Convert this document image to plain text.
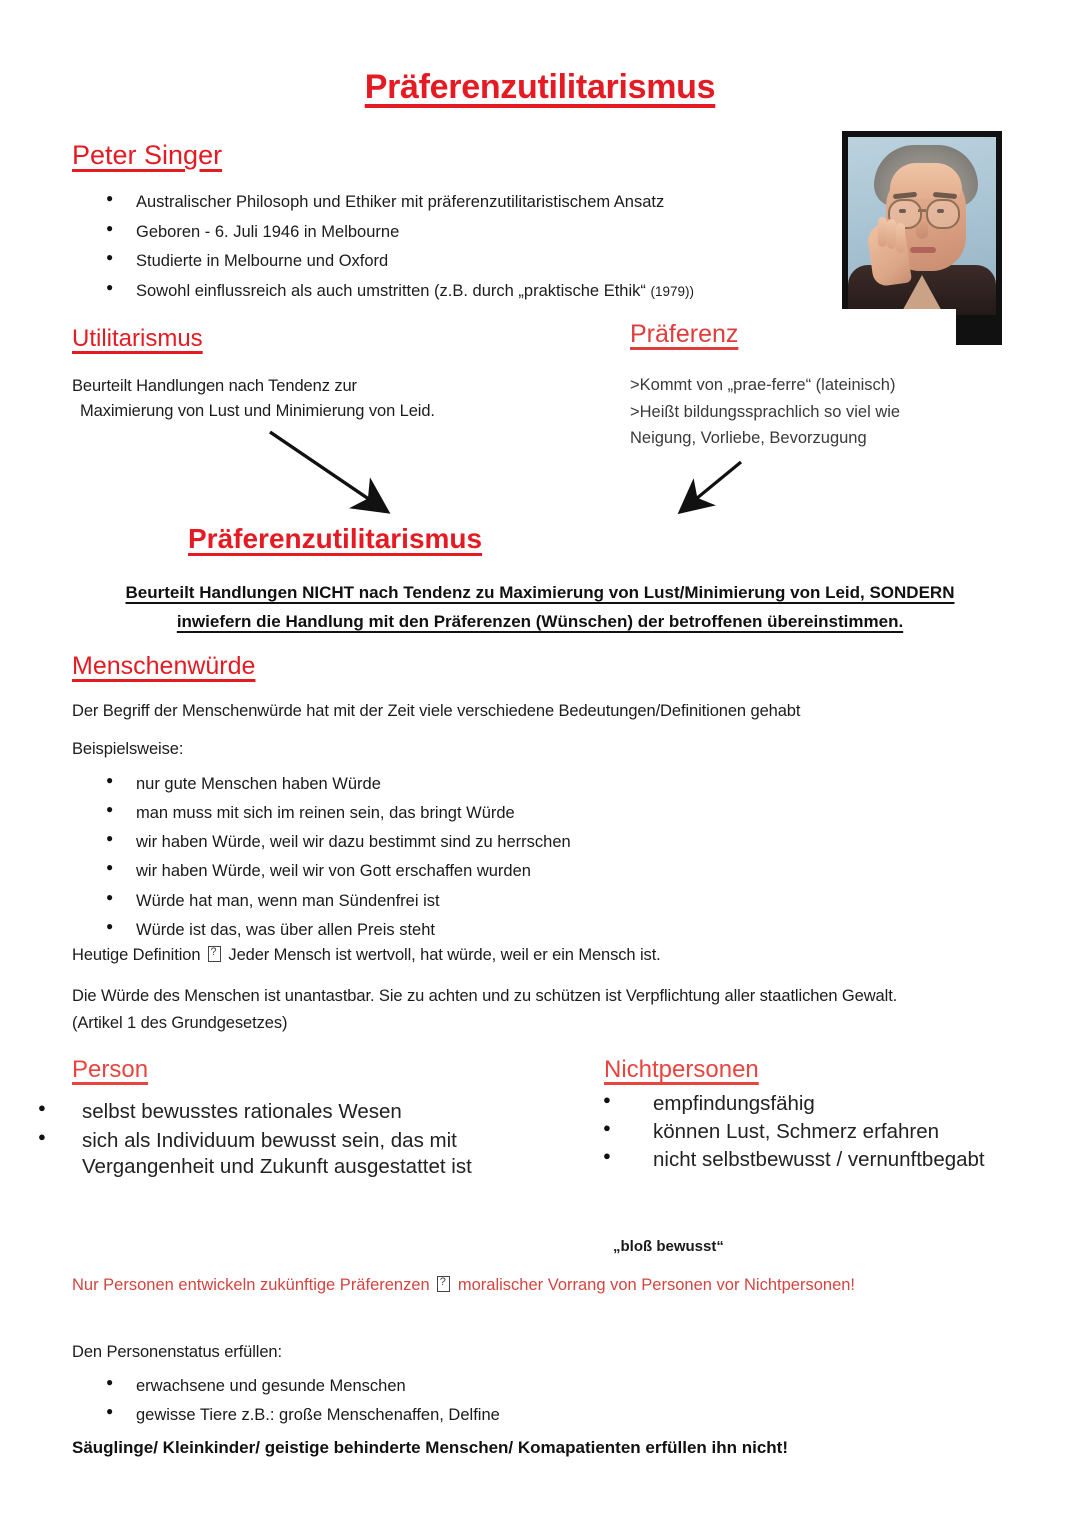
Präferenzutilitarismus
Peter Singer
● Australischer Philosoph und Ethiker mit präferenzutilitaristischem Ansatz
● Geboren - 6. Juli 1946 in Melbourne
● Studierte in Melbourne und Oxford
● Sowohl einflussreich als auch umstritten (z.B. durch „praktische Ethik“ (1979))
Utilitarismus
Beurteilt Handlungen nach Tendenz zur
Maximierung von Lust und Minimierung von Leid.
Präferenz
>Kommt von „prae-ferre“ (lateinisch)
>Heißt bildungssprachlich so viel wie
Neigung, Vorliebe, Bevorzugung
Präferenzutilitarismus
Beurteilt Handlungen NICHT nach Tendenz zu Maximierung von Lust/Minimierung von Leid, SONDERN
inwiefern die Handlung mit den Präferenzen (Wünschen) der betroffenen übereinstimmen.
Menschenwürde
Der Begriff der Menschenwürde hat mit der Zeit viele verschiedene Bedeutungen/Definitionen gehabt
Beispielsweise:
● nur gute Menschen haben Würde
● man muss mit sich im reinen sein, das bringt Würde
● wir haben Würde, weil wir dazu bestimmt sind zu herrschen
● wir haben Würde, weil wir von Gott erschaffen wurden
● Würde hat man, wenn man Sündenfrei ist
● Würde ist das, was über allen Preis steht
Heutige Definition ? Jeder Mensch ist wertvoll, hat würde, weil er ein Mensch ist.
Die Würde des Menschen ist unantastbar. Sie zu achten und zu schützen ist Verpflichtung aller staatlichen Gewalt.
(Artikel 1 des Grundgesetzes)
Person
● selbst bewusstes rationales Wesen
● sich als Individuum bewusst sein, das mit Vergangenheit und Zukunft ausgestattet ist
Nichtpersonen
● empfindungsfähig
● können Lust, Schmerz erfahren
● nicht selbstbewusst / vernunftbegabt
„bloß bewusst“
Nur Personen entwickeln zukünftige Präferenzen ? moralischer Vorrang von Personen vor Nichtpersonen!
Den Personenstatus erfüllen:
● erwachsene und gesunde Menschen
● gewisse Tiere z.B.: große Menschenaffen, Delfine
Säuglinge/ Kleinkinder/ geistige behinderte Menschen/ Komapatienten erfüllen ihn nicht!
